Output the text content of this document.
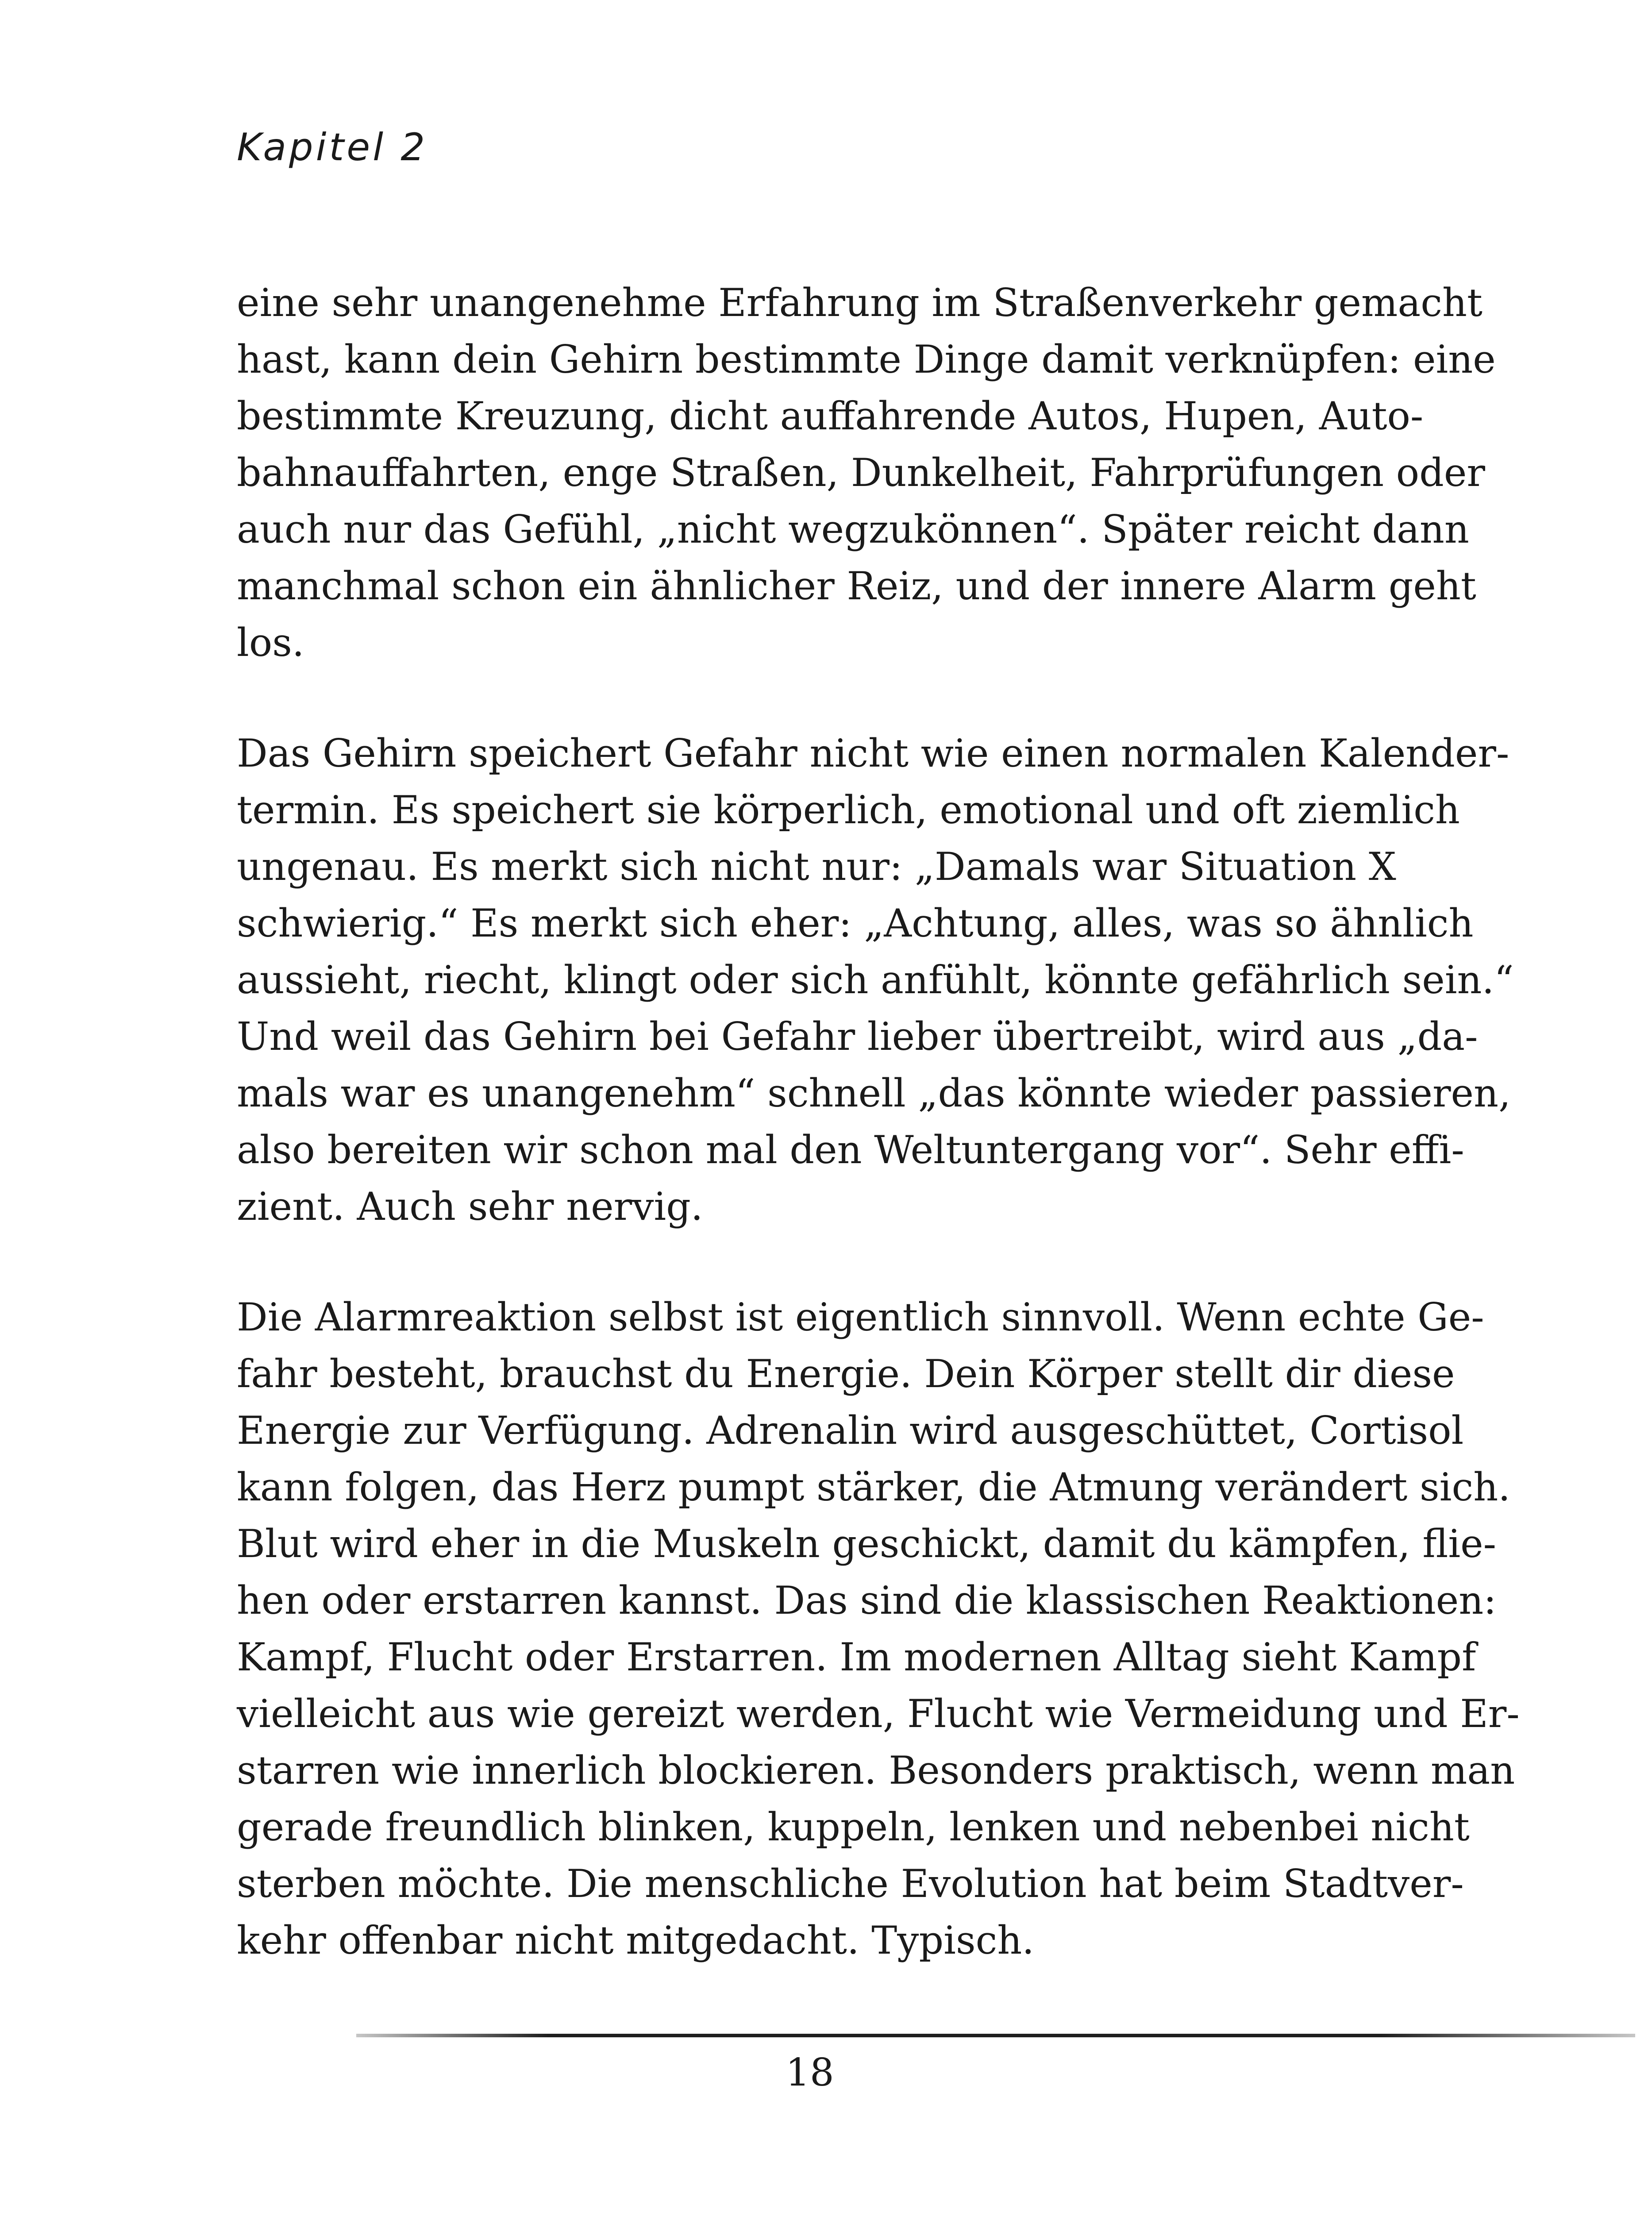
Kapitel 2

eine sehr unangenehme Erfahrung im Straßenverkehr gemacht
hast, kann dein Gehirn bestimmte Dinge damit verknüpfen: eine
bestimmte Kreuzung, dicht auffahrende Autos, Hupen, Auto-
bahnauffahrten, enge Straßen, Dunkelheit, Fahrprüfungen oder
auch nur das Gefühl, „nicht wegzukönnen“. Später reicht dann
manchmal schon ein ähnlicher Reiz, und der innere Alarm geht
los.

Das Gehirn speichert Gefahr nicht wie einen normalen Kalender-
termin. Es speichert sie körperlich, emotional und oft ziemlich
ungenau. Es merkt sich nicht nur: „Damals war Situation X
schwierig.“ Es merkt sich eher: „Achtung, alles, was so ähnlich
aussieht, riecht, klingt oder sich anfühlt, könnte gefährlich sein.“
Und weil das Gehirn bei Gefahr lieber übertreibt, wird aus „da-
mals war es unangenehm“ schnell „das könnte wieder passieren,
also bereiten wir schon mal den Weltuntergang vor“. Sehr effi-
zient. Auch sehr nervig.

Die Alarmreaktion selbst ist eigentlich sinnvoll. Wenn echte Ge-
fahr besteht, brauchst du Energie. Dein Körper stellt dir diese
Energie zur Verfügung. Adrenalin wird ausgeschüttet, Cortisol
kann folgen, das Herz pumpt stärker, die Atmung verändert sich.
Blut wird eher in die Muskeln geschickt, damit du kämpfen, flie-
hen oder erstarren kannst. Das sind die klassischen Reaktionen:
Kampf, Flucht oder Erstarren. Im modernen Alltag sieht Kampf
vielleicht aus wie gereizt werden, Flucht wie Vermeidung und Er-
starren wie innerlich blockieren. Besonders praktisch, wenn man
gerade freundlich blinken, kuppeln, lenken und nebenbei nicht
sterben möchte. Die menschliche Evolution hat beim Stadtver-
kehr offenbar nicht mitgedacht. Typisch.

18
